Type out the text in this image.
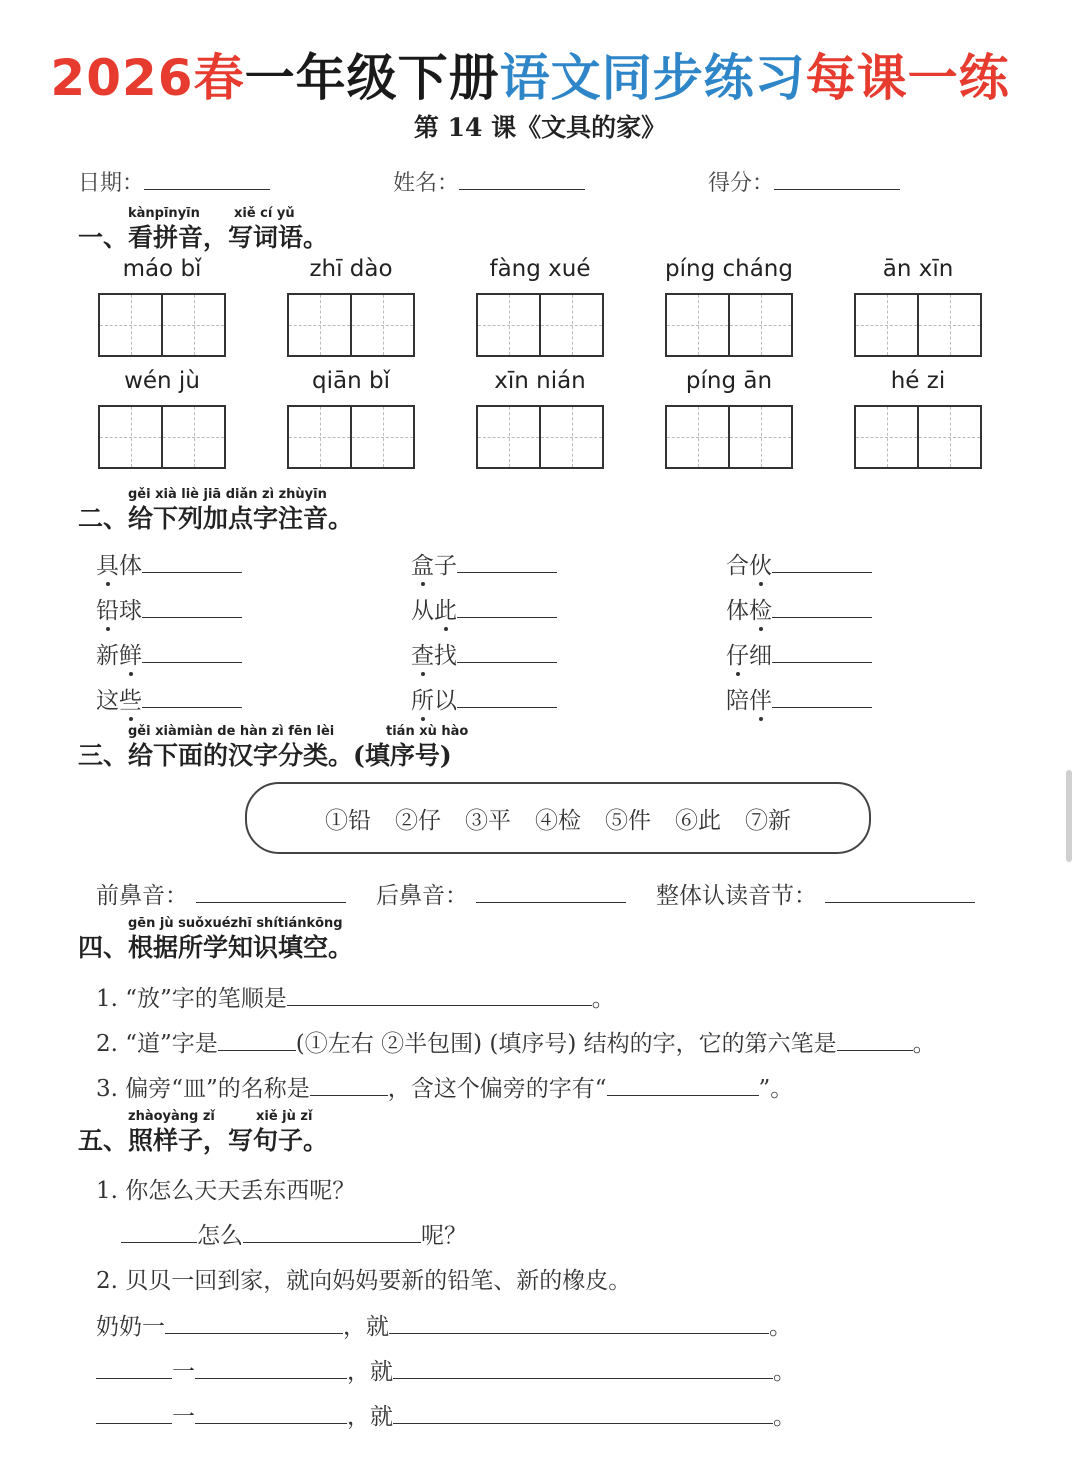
2026春一年级下册语文同步练习每课一练
第 14 课《文具的家》
日期：	姓名：	得分：
kànpīnyīn	xiě cí yǔ
一、看拼音，写词语。
máo bǐ	zhī dào	fàng xué	píng cháng	ān xīn
wén jù	qiān bǐ	xīn nián	píng ān	hé zi
gěi xià liè jiā diǎn zì zhùyīn
二、给下列加点字注音。
具体	盒子	合伙
铅球	从此	体检
新鲜	查找	仔细
这些	所以	陪伴
gěi xiàmiàn de hàn zì fēn lèi	tián xù hào
三、给下面的汉字分类。(填序号)
①铅 ②仔 ③平 ④检 ⑤件 ⑥此 ⑦新
前鼻音：	后鼻音：	整体认读音节：
gēn jù suǒxuézhī shítiánkōng
四、根据所学知识填空。
1. “放”字的笔顺是	。
2. “道”字是	(①左右 ②半包围) (填序号) 结构的字，它的第六笔是	。
3. 偏旁“皿”的名称是	，含这个偏旁的字有“	”。
zhàoyàng zǐ	xiě jù zǐ
五、照样子，写句子。
1. 你怎么天天丢东西呢？
怎么	呢？
2. 贝贝一回到家，就向妈妈要新的铅笔、新的橡皮。
奶奶一	，就	。
一	，就	。
一	，就	。
